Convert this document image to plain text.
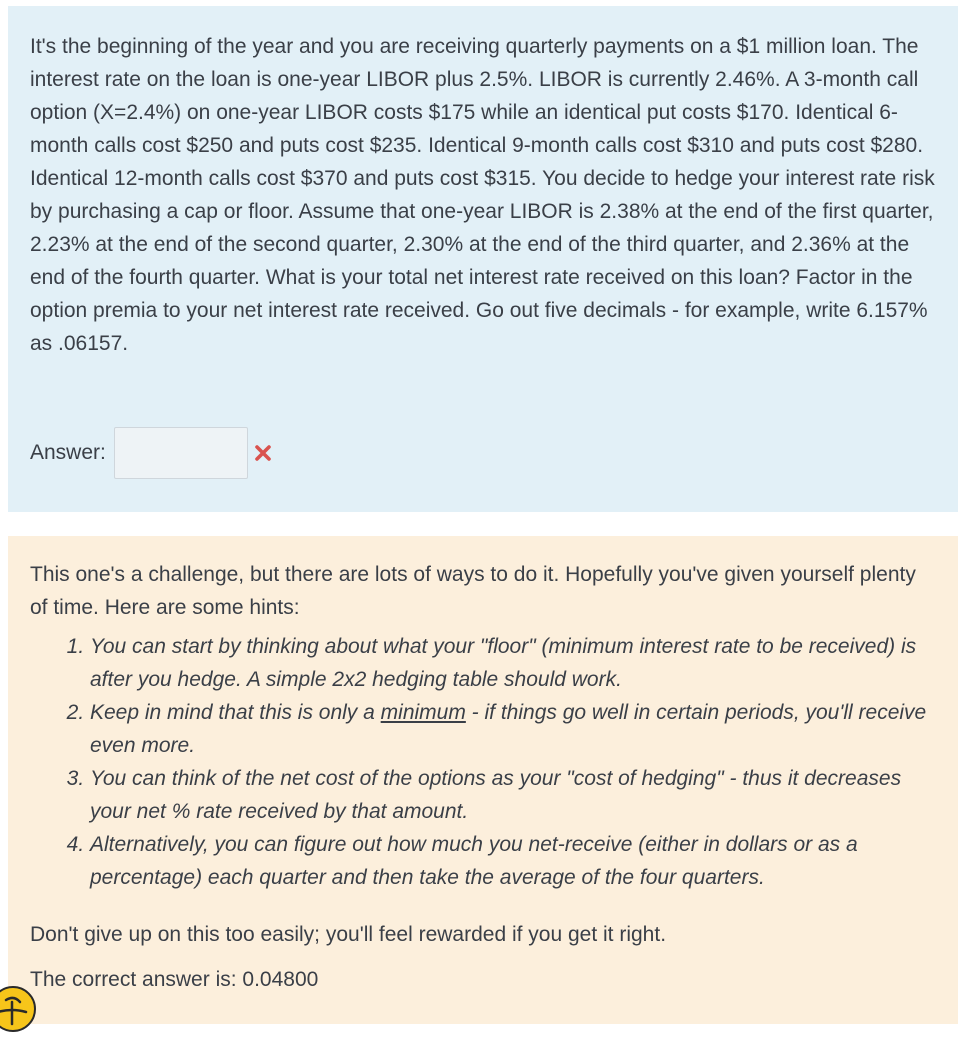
It's the beginning of the year and you are receiving quarterly payments on a $1 million loan. The interest rate on the loan is one-year LIBOR plus 2.5%. LIBOR is currently 2.46%. A 3-month call option (X=2.4%) on one-year LIBOR costs $175 while an identical put costs $170. Identical 6-month calls cost $250 and puts cost $235. Identical 9-month calls cost $310 and puts cost $280. Identical 12-month calls cost $370 and puts cost $315. You decide to hedge your interest rate risk by purchasing a cap or floor. Assume that one-year LIBOR is 2.38% at the end of the first quarter, 2.23% at the end of the second quarter, 2.30% at the end of the third quarter, and 2.36% at the end of the fourth quarter. What is your total net interest rate received on this loan? Factor in the option premia to your net interest rate received. Go out five decimals - for example, write 6.157% as .06157.

Answer:

This one's a challenge, but there are lots of ways to do it. Hopefully you've given yourself plenty of time. Here are some hints:

1. You can start by thinking about what your "floor" (minimum interest rate to be received) is after you hedge. A simple 2x2 hedging table should work.
2. Keep in mind that this is only a minimum - if things go well in certain periods, you'll receive even more.
3. You can think of the net cost of the options as your "cost of hedging" - thus it decreases your net % rate received by that amount.
4. Alternatively, you can figure out how much you net-receive (either in dollars or as a percentage) each quarter and then take the average of the four quarters.

Don't give up on this too easily; you'll feel rewarded if you get it right.

The correct answer is: 0.04800
